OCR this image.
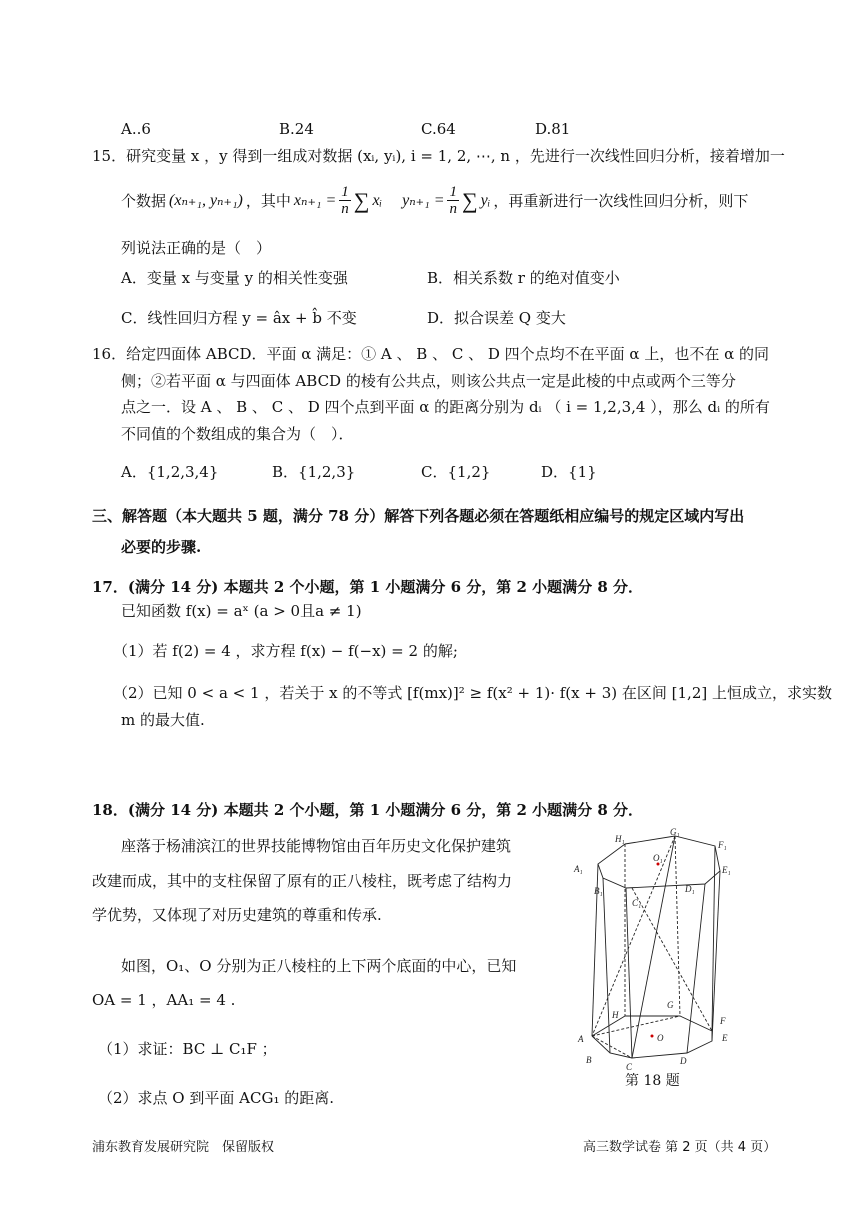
A..6	B.24	C.64	D.81
15．研究变量 x ，y 得到一组成对数据 (xᵢ, yᵢ), i = 1, 2, ⋯, n ，先进行一次线性回归分析，接着增加一
个数据 (xₙ₊₁, yₙ₊₁) ，其中 $x_{n+1} = \frac{1}{n}$ ∑ xᵢ $y_{n+1} = \frac{1}{n}$ ∑ yᵢ ，再重新进行一次线性回归分析，则下
列说法正确的是（　）
A．变量 x 与变量 y 的相关性变强	B．相关系数 r 的绝对值变小
C．线性回归方程 y = âx + b̂ 不变	D．拟合误差 Q 变大
16．给定四面体 ABCD．平面 α 满足：① A 、 B 、 C 、 D 四个点均不在平面 α 上，也不在 α 的同
侧；②若平面 α 与四面体 ABCD 的棱有公共点，则该公共点一定是此棱的中点或两个三等分
点之一．设 A 、 B 、 C 、 D 四个点到平面 α 的距离分别为 dᵢ （ i = 1,2,3,4 ），那么 dᵢ 的所有
不同值的个数组成的集合为（　）．
A．{1,2,3,4}	B．{1,2,3}	C．{1,2}	D．{1}
三、解答题（本大题共 5 题，满分 78 分）解答下列各题必须在答题纸相应编号的规定区域内写出
必要的步骤.
17．(满分 14 分) 本题共 2 个小题，第 1 小题满分 6 分，第 2 小题满分 8 分．
已知函数 f(x) = aˣ (a > 0且a ≠ 1)
（1）若 f(2) = 4 ，求方程 f(x) − f(−x) = 2 的解;
（2）已知 0 < a < 1 ，若关于 x 的不等式 [f(mx)]² ≥ f(x² + 1)· f(x + 3) 在区间 [1,2] 上恒成立，求实数
m 的最大值.
18．(满分 14 分) 本题共 2 个小题，第 1 小题满分 6 分，第 2 小题满分 8 分．
座落于杨浦滨江的世界技能博物馆由百年历史文化保护建筑
改建而成，其中的支柱保留了原有的正八棱柱，既考虑了结构力
学优势，又体现了对历史建筑的尊重和传承.
如图，O₁、O 分别为正八棱柱的上下两个底面的中心，已知
OA = 1 ，AA₁ = 4 .
（1）求证：BC ⊥ C₁F ；
（2）求点 O 到平面 ACG₁ 的距离.
H₁
G₁
F₁
E₁
A₁
B₁
C₁
D₁
O₁
G
H
F
A	O	E
B
C
D
第 18 题
浦东教育发展研究院　保留版权	高三数学试卷 第 2 页（共 4 页）
